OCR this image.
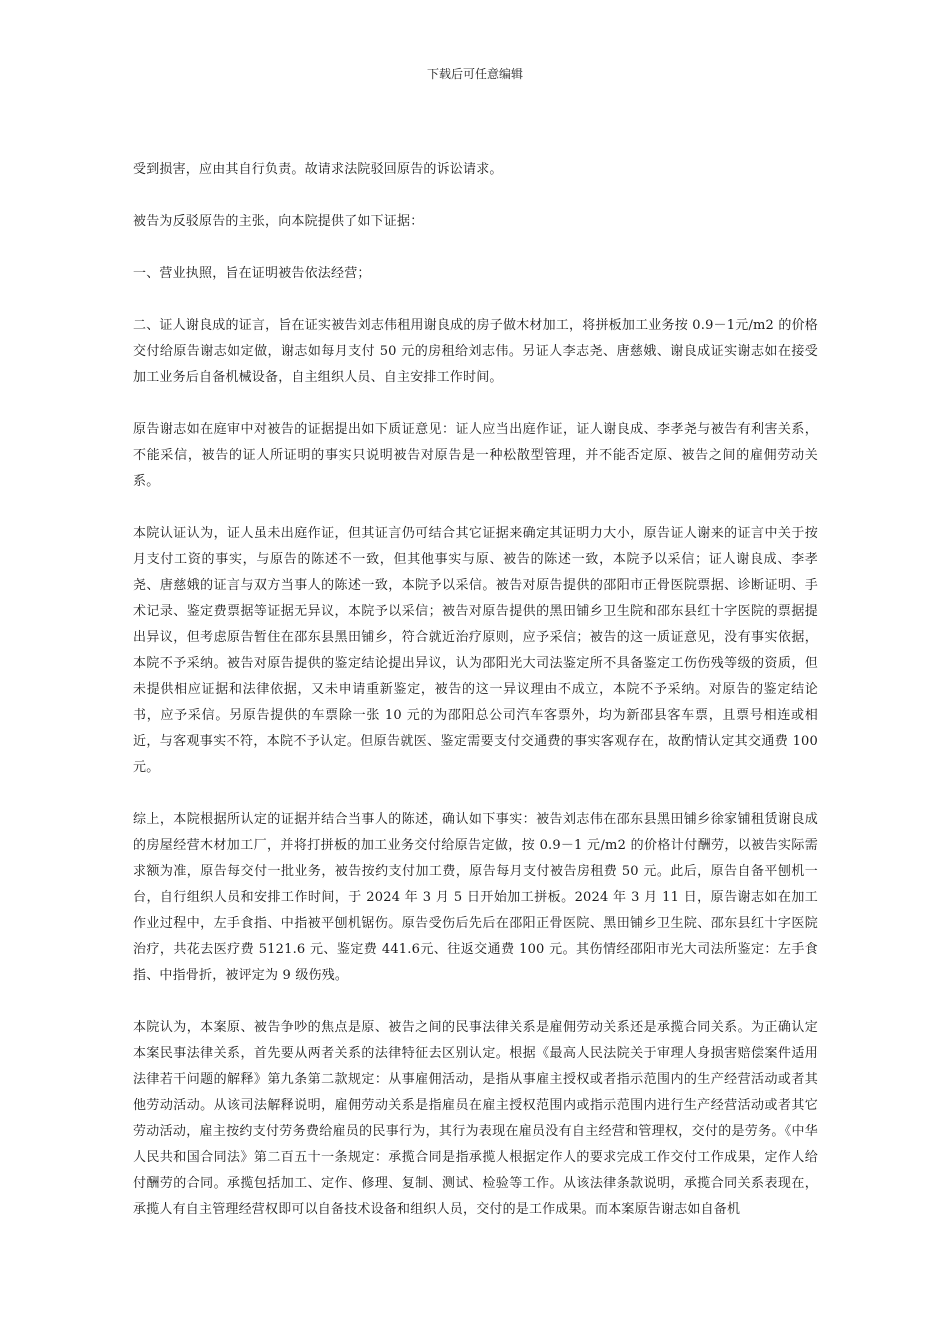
下载后可任意编辑

受到损害，应由其自行负责。故请求法院驳回原告的诉讼请求。

被告为反驳原告的主张，向本院提供了如下证据：

一、营业执照，旨在证明被告依法经营；

二、证人谢良成的证言，旨在证实被告刘志伟租用谢良成的房子做木材加工，将拼板加工业务按 0.9－1元/m2 的价格交付给原告谢志如定做，谢志如每月支付 50 元的房租给刘志伟。另证人李志尧、唐慈娥、谢良成证实谢志如在接受加工业务后自备机械设备，自主组织人员、自主安排工作时间。

原告谢志如在庭审中对被告的证据提出如下质证意见：证人应当出庭作证，证人谢良成、李孝尧与被告有利害关系，不能采信，被告的证人所证明的事实只说明被告对原告是一种松散型管理，并不能否定原、被告之间的雇佣劳动关系。

本院认证认为，证人虽未出庭作证，但其证言仍可结合其它证据来确定其证明力大小，原告证人谢来的证言中关于按月支付工资的事实，与原告的陈述不一致，但其他事实与原、被告的陈述一致，本院予以采信；证人谢良成、李孝尧、唐慈娥的证言与双方当事人的陈述一致，本院予以采信。被告对原告提供的邵阳市正骨医院票据、诊断证明、手术记录、鉴定费票据等证据无异议，本院予以采信；被告对原告提供的黑田铺乡卫生院和邵东县红十字医院的票据提出异议，但考虑原告暂住在邵东县黑田铺乡，符合就近治疗原则，应予采信；被告的这一质证意见，没有事实依据，本院不予采纳。被告对原告提供的鉴定结论提出异议，认为邵阳光大司法鉴定所不具备鉴定工伤伤残等级的资质，但未提供相应证据和法律依据，又未申请重新鉴定，被告的这一异议理由不成立，本院不予采纳。对原告的鉴定结论书，应予采信。另原告提供的车票除一张 10 元的为邵阳总公司汽车客票外，均为新邵县客车票，且票号相连或相近，与客观事实不符，本院不予认定。但原告就医、鉴定需要支付交通费的事实客观存在，故酌情认定其交通费 100 元。

综上，本院根据所认定的证据并结合当事人的陈述，确认如下事实：被告刘志伟在邵东县黑田铺乡徐家铺租赁谢良成的房屋经营木材加工厂，并将打拼板的加工业务交付给原告定做，按 0.9－1 元/m2 的价格计付酬劳，以被告实际需求额为准，原告每交付一批业务，被告按约支付加工费，原告每月支付被告房租费 50 元。此后，原告自备平刨机一台，自行组织人员和安排工作时间，于 2024 年 3 月 5 日开始加工拼板。2024 年 3 月 11 日，原告谢志如在加工作业过程中，左手食指、中指被平刨机锯伤。原告受伤后先后在邵阳正骨医院、黑田铺乡卫生院、邵东县红十字医院治疗，共花去医疗费 5121.6 元、鉴定费 441.6元、往返交通费 100 元。其伤情经邵阳市光大司法所鉴定：左手食指、中指骨折，被评定为 9 级伤残。

本院认为，本案原、被告争吵的焦点是原、被告之间的民事法律关系是雇佣劳动关系还是承揽合同关系。为正确认定本案民事法律关系，首先要从两者关系的法律特征去区别认定。根据《最高人民法院关于审理人身损害赔偿案件适用法律若干问题的解释》第九条第二款规定：从事雇佣活动，是指从事雇主授权或者指示范围内的生产经营活动或者其他劳动活动。从该司法解释说明，雇佣劳动关系是指雇员在雇主授权范围内或指示范围内进行生产经营活动或者其它劳动活动，雇主按约支付劳务费给雇员的民事行为，其行为表现在雇员没有自主经营和管理权，交付的是劳务。《中华人民共和国合同法》第二百五十一条规定：承揽合同是指承揽人根据定作人的要求完成工作交付工作成果，定作人给付酬劳的合同。承揽包括加工、定作、修理、复制、测试、检验等工作。从该法律条款说明，承揽合同关系表现在，承揽人有自主管理经营权即可以自备技术设备和组织人员，交付的是工作成果。而本案原告谢志如自备机
